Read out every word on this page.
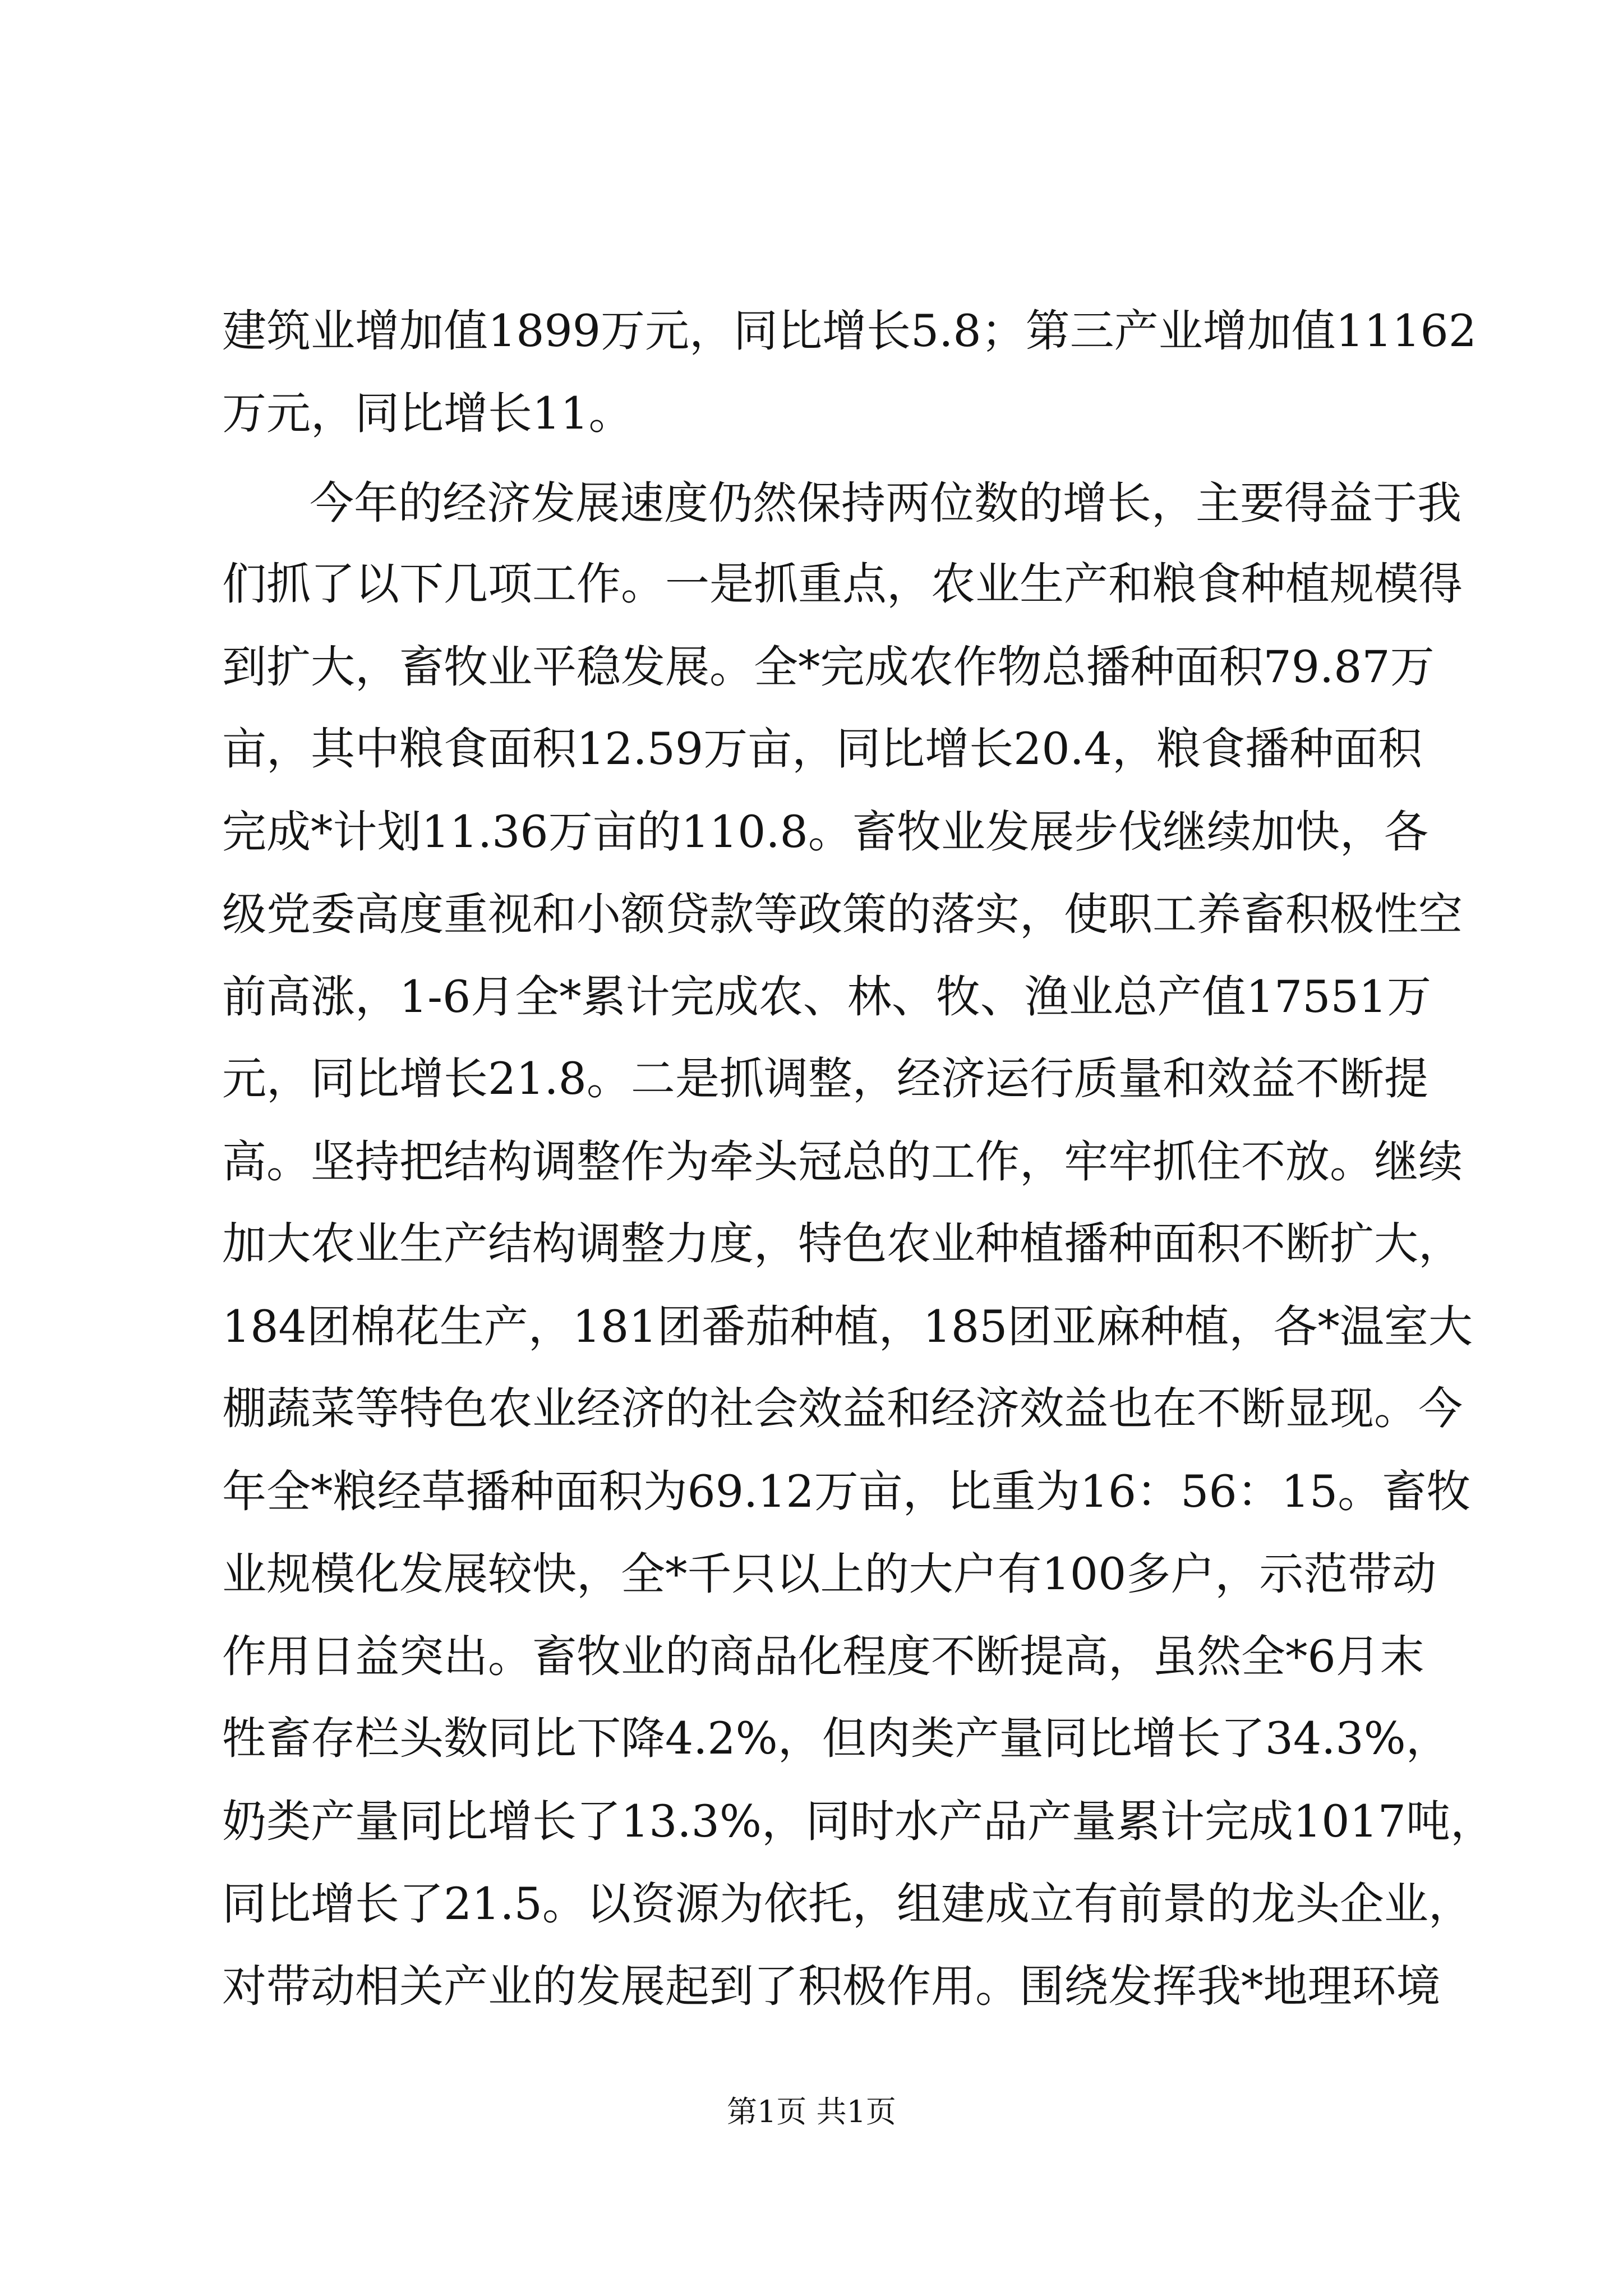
建筑业增加值1899万元，同比增长5.8；第三产业增加值11162

万元，同比增长11。

今年的经济发展速度仍然保持两位数的增长，主要得益于我

们抓了以下几项工作。一是抓重点，农业生产和粮食种植规模得

到扩大，畜牧业平稳发展。全*完成农作物总播种面积79.87万

亩，其中粮食面积12.59万亩，同比增长20.4，粮食播种面积

完成*计划11.36万亩的110.8。畜牧业发展步伐继续加快，各

级党委高度重视和小额贷款等政策的落实，使职工养畜积极性空

前高涨，1-6月全*累计完成农、林、牧、渔业总产值17551万

元，同比增长21.8。二是抓调整，经济运行质量和效益不断提

高。坚持把结构调整作为牵头冠总的工作，牢牢抓住不放。继续

加大农业生产结构调整力度，特色农业种植播种面积不断扩大，

184团棉花生产，181团番茄种植，185团亚麻种植，各*温室大

棚蔬菜等特色农业经济的社会效益和经济效益也在不断显现。今

年全*粮经草播种面积为69.12万亩，比重为16：56：15。畜牧

业规模化发展较快，全*千只以上的大户有100多户，示范带动

作用日益突出。畜牧业的商品化程度不断提高，虽然全*6月末

牲畜存栏头数同比下降4.2%，但肉类产量同比增长了34.3%，

奶类产量同比增长了13.3%，同时水产品产量累计完成1017吨，

同比增长了21.5。以资源为依托，组建成立有前景的龙头企业，

对带动相关产业的发展起到了积极作用。围绕发挥我*地理环境

第1页 共1页
